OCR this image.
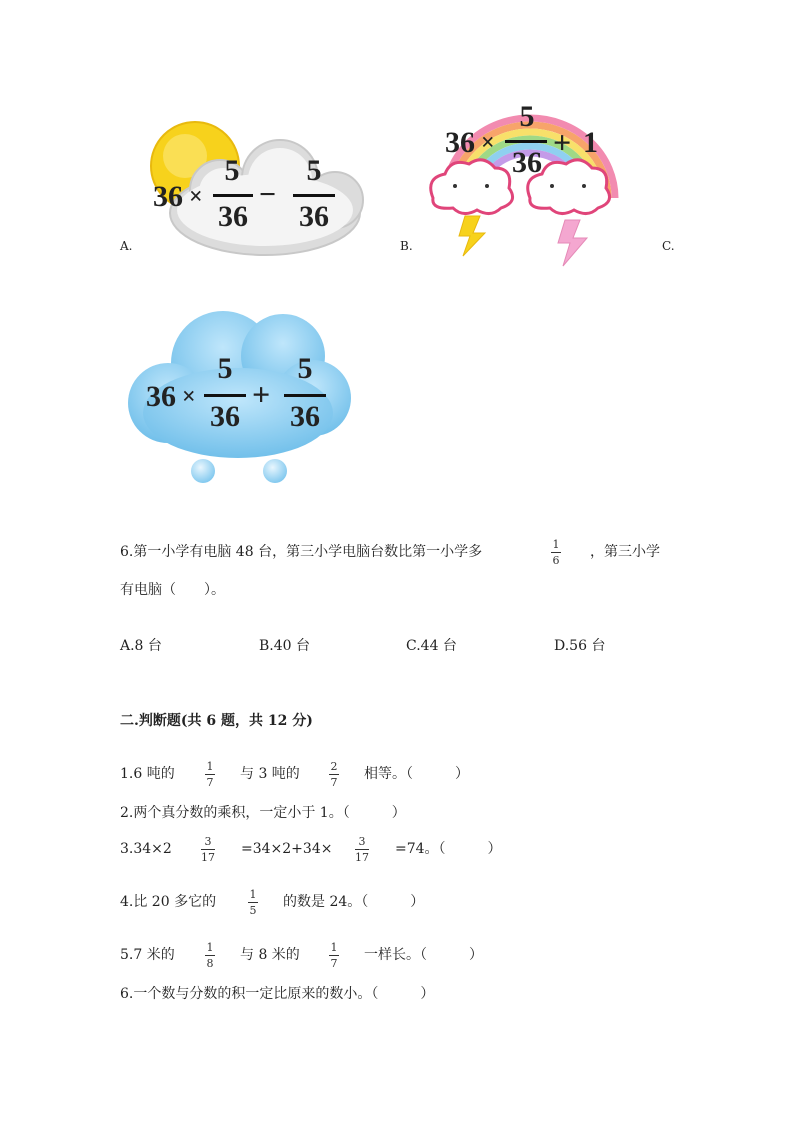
36 ×
5
36
−
5
36
A.
36 ×
5
36
+ 1
B.	C.
36 ×
5
36
+
5
36
6.第一小学有电脑 48 台，第三小学电脑台数比第一小学多	1
6
，第三小学
有电脑（　　）。
A.8 台	B.40 台	C.44 台	D.56 台
二.判断题(共 6 题，共 12 分)
1.6 吨的	1
7
与 3 吨的	2
7
相等。（　　　）
2.两个真分数的乘积，一定小于 1。（　　　）
3.34×2	3
17
=34×2+34× 3
17
=74。（　　　）
4.比 20 多它的	1
5
的数是 24。（　　　）
5.7 米的	1
8
与 8 米的	1
7
一样长。（　　　）
6.一个数与分数的积一定比原来的数小。（　　　）
